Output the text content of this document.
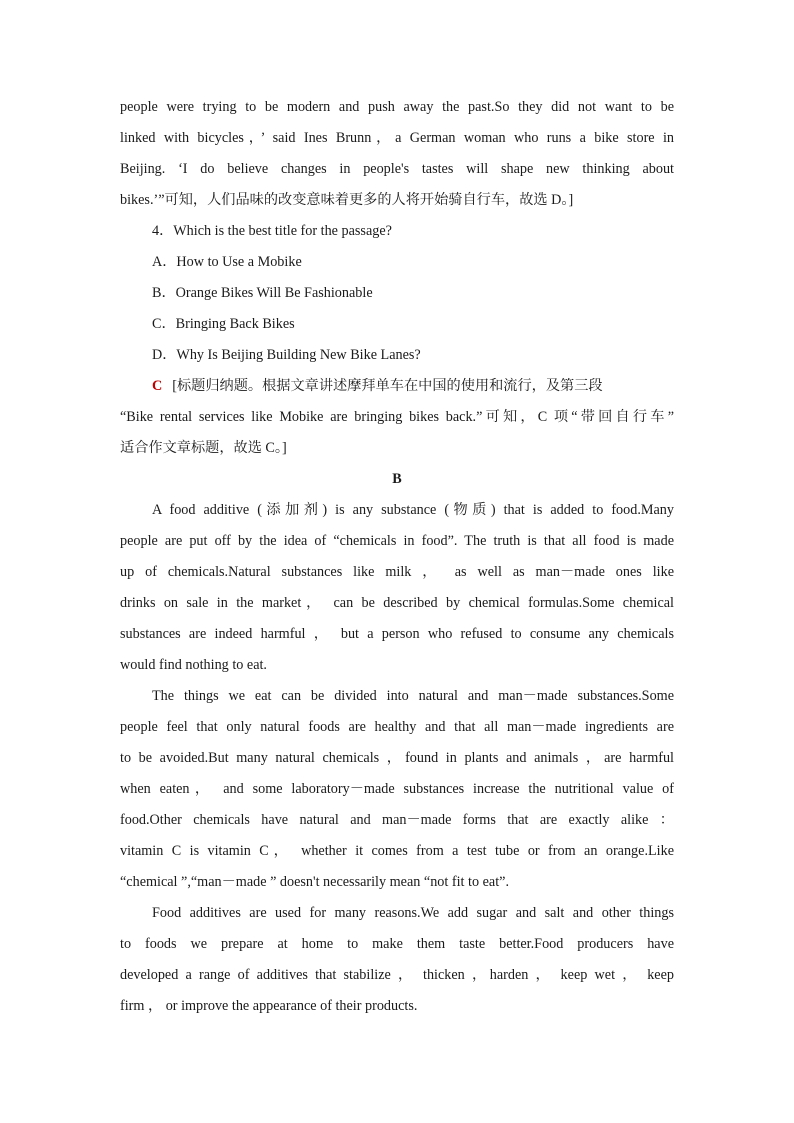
people were trying to be modern and push away the past.So they did not want to be
linked with bicycles，’ said Ines Brunn，a German woman who runs a bike store in
Beijing. ‘I do believe changes in people's tastes will shape new thinking about
bikes.’”可知，人们品味的改变意味着更多的人将开始骑自行车，故选 D。]
4．Which is the best title for the passage?
A．How to Use a Mobike
B．Orange Bikes Will Be Fashionable
C．Bringing Back Bikes
D．Why Is Beijing Building New Bike Lanes?
C [标题归纳题。根据文章讲述摩拜单车在中国的使用和流行，及第三段
“Bike rental services like Mobike are bringing bikes back.”可知，C 项“带回自行车”
适合作文章标题，故选 C。]
B
A food additive (添加剂) is any substance (物质) that is added to food.Many
people are put off by the idea of “chemicals in food”. The truth is that all food is made
up of chemicals.Natural substances like milk ， as well as man－made ones like
drinks on sale in the market， can be described by chemical formulas.Some chemical
substances are indeed harmful ， but a person who refused to consume any chemicals
would find nothing to eat.
The things we eat can be divided into natural and man－made substances.Some
people feel that only natural foods are healthy and that all man－made ingredients are
to be avoided.But many natural chemicals ，found in plants and animals ，are harmful
when eaten， and some laboratory－made substances increase the nutritional value of
food.Other chemicals have natural and man－made forms that are exactly alike ：
vitamin C is vitamin C， whether it comes from a test tube or from an orange.Like
“chemical ”,“man－made ” doesn't necessarily mean “not fit to eat”.
Food additives are used for many reasons.We add sugar and salt and other things
to foods we prepare at home to make them taste better.Food producers have
developed a range of additives that stabilize ， thicken ，harden ， keep wet ， keep
firm ， or improve the appearance of their products.
